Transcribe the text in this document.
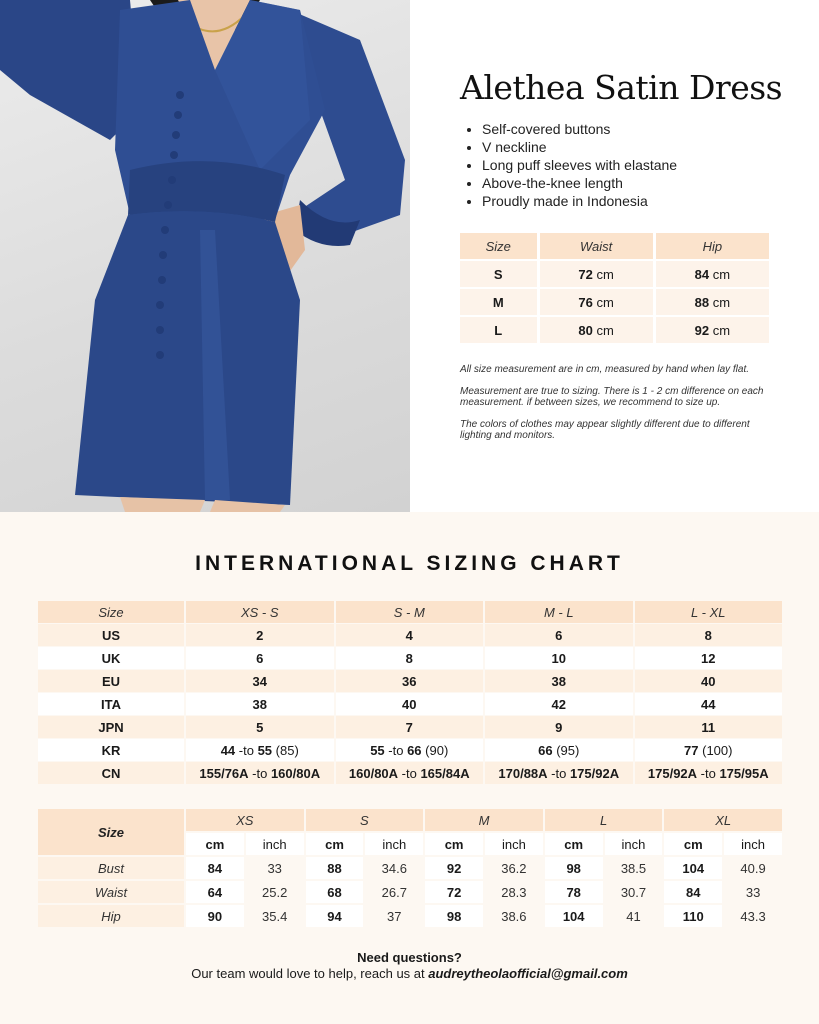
Alethea Satin Dress
• Self-covered buttons
• V neckline
• Long puff sleeves with elastane
• Above-the-knee length
• Proudly made in Indonesia
Size	Waist	Hip
S	72 cm	84 cm
M	76 cm	88 cm
L	80 cm	92 cm

All size measurement are in cm, measured by hand when lay flat.

Measurement are true to sizing. There is 1 - 2 cm difference on each measurement. if between sizes, we recommend to size up.

The colors of clothes may appear slightly different due to different lighting and monitors.

INTERNATIONAL SIZING CHART
Size	XS - S	S - M	M - L	L - XL
US	2	4	6	8
UK	6	8	10	12
EU	34	36	38	40
ITA	38	40	42	44
JPN	5	7	9	11
KR	44 -to 55 (85)	55 -to 66 (90)	66 (95)	77 (100)
CN	155/76A -to 160/80A	160/80A -to 165/84A	170/88A -to 175/92A	175/92A -to 175/95A
Size	XS		S		M		L		XL	
	cm	inch	cm	inch	cm	inch	cm	inch	cm	inch
Bust	84	33	88	34.6	92	36.2	98	38.5	104	40.9
Waist	64	25.2	68	26.7	72	28.3	78	30.7	84	33
Hip	90	35.4	94	37	98	38.6	104	41	110	43.3
Need questions?
Our team would love to help, reach us at audreytheolaofficial@gmail.com
